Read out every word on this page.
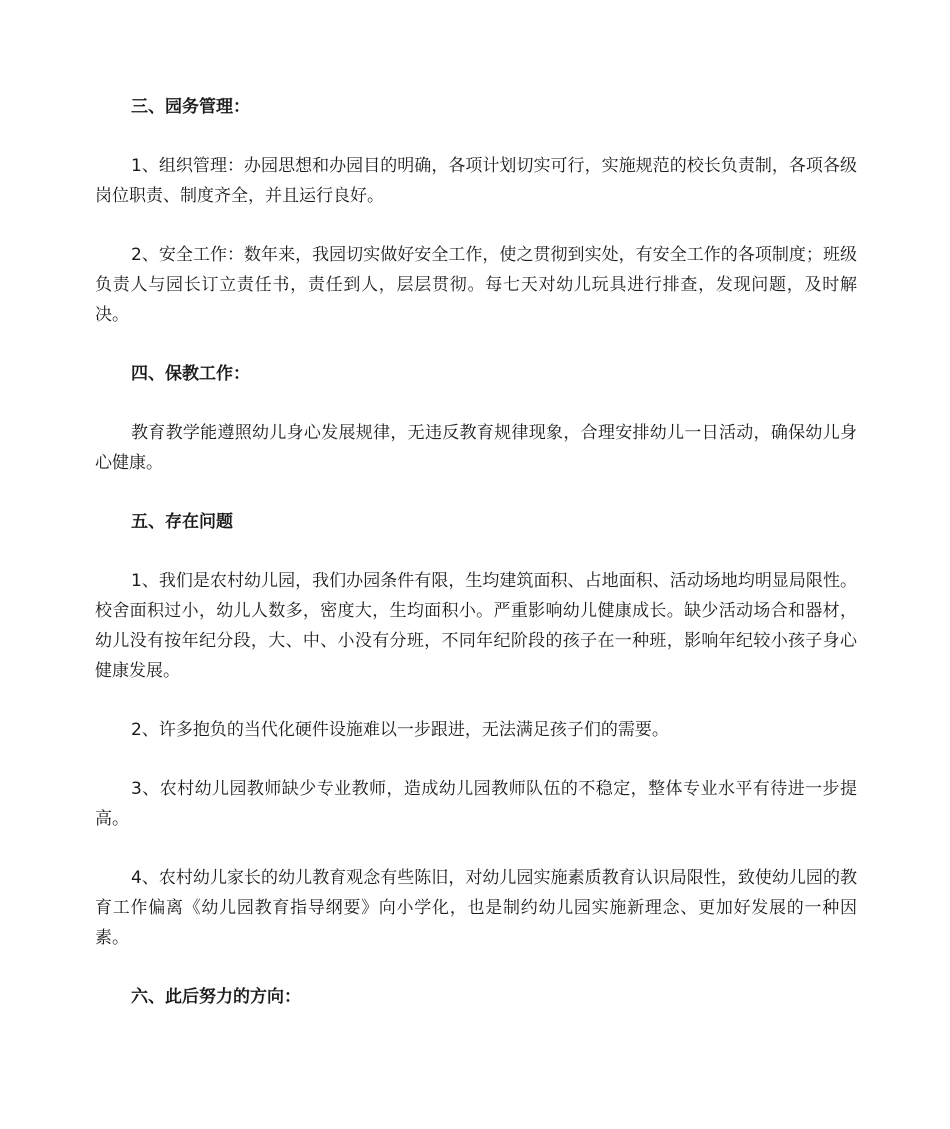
三、园务管理：

1、组织管理：办园思想和办园目的明确，各项计划切实可行，实施规范的校长负责制，各项各级岗位职责、制度齐全，并且运行良好。

2、安全工作：数年来，我园切实做好安全工作，使之贯彻到实处，有安全工作的各项制度；班级负责人与园长订立责任书，责任到人，层层贯彻。每七天对幼儿玩具进行排查，发现问题，及时解决。

四、保教工作：

教育教学能遵照幼儿身心发展规律，无违反教育规律现象，合理安排幼儿一日活动，确保幼儿身心健康。

五、存在问题

1、我们是农村幼儿园，我们办园条件有限，生均建筑面积、占地面积、活动场地均明显局限性。校舍面积过小，幼儿人数多，密度大，生均面积小。严重影响幼儿健康成长。缺少活动场合和器材，幼儿没有按年纪分段，大、中、小没有分班，不同年纪阶段的孩子在一种班，影响年纪较小孩子身心健康发展。

2、许多抱负的当代化硬件设施难以一步跟进，无法满足孩子们的需要。

3、农村幼儿园教师缺少专业教师，造成幼儿园教师队伍的不稳定，整体专业水平有待进一步提高。

4、农村幼儿家长的幼儿教育观念有些陈旧，对幼儿园实施素质教育认识局限性，致使幼儿园的教育工作偏离《幼儿园教育指导纲要》向小学化，也是制约幼儿园实施新理念、更加好发展的一种因素。

六、此后努力的方向：
